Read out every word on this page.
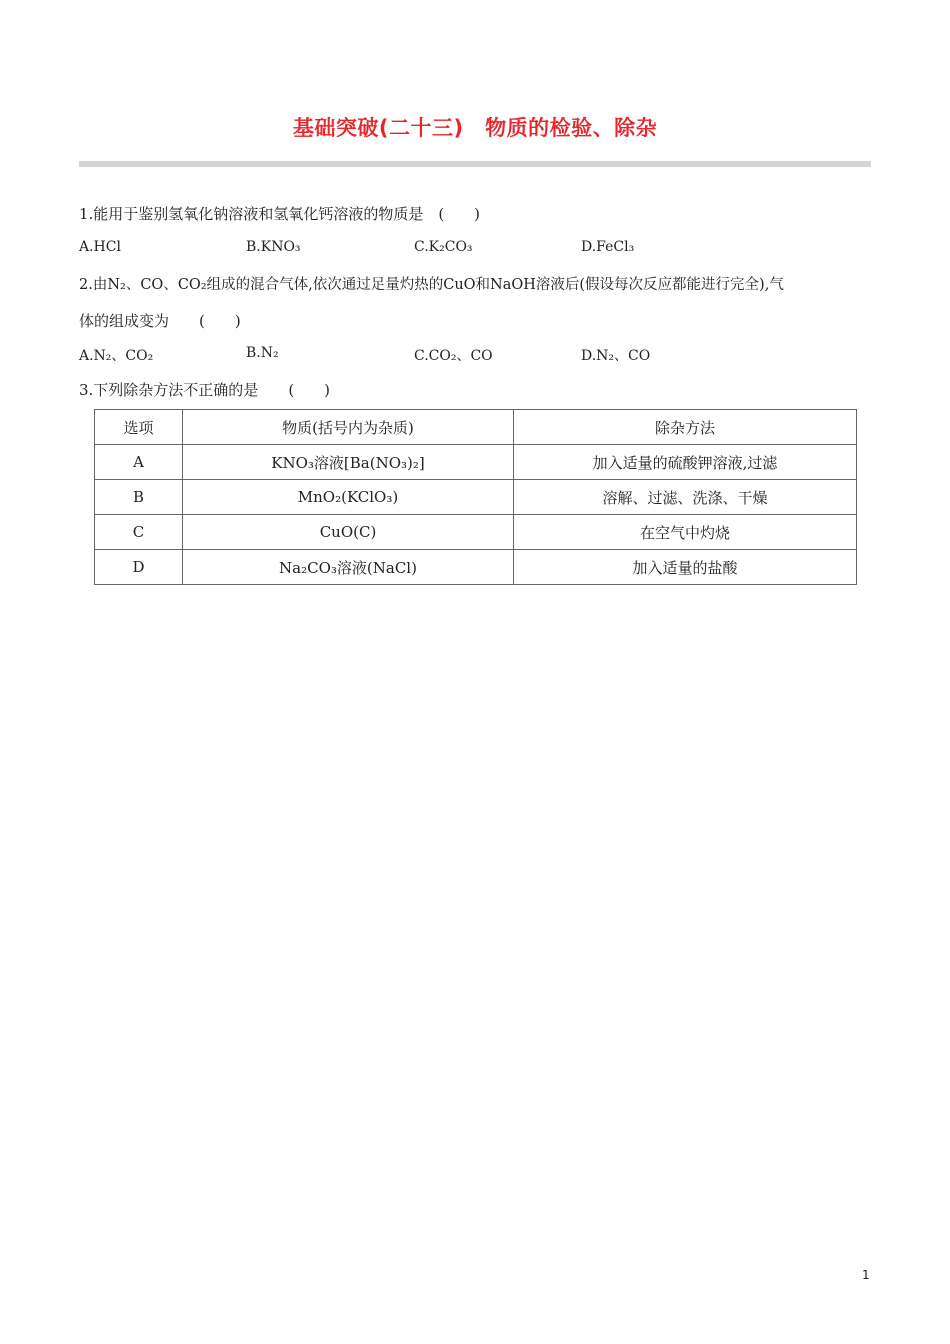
基础突破(二十三)　物质的检验、除杂
1.能用于鉴别氢氧化钠溶液和氢氧化钙溶液的物质是　(　　)
A.HCl	B.KNO₃	C.K₂CO₃	D.FeCl₃
2.由N₂、CO、CO₂组成的混合气体,依次通过足量灼热的CuO和NaOH溶液后(假设每次反应都能进行完全),气
体的组成变为　　(　　)
A.N₂、CO₂	B.N₂	C.CO₂、CO	D.N₂、CO
3.下列除杂方法不正确的是　　(　　)
选项	物质(括号内为杂质)	除杂方法
A	KNO₃溶液[Ba(NO₃)₂]	加入适量的硫酸钾溶液,过滤
B	MnO₂(KClO₃)	溶解、过滤、洗涤、干燥
C	CuO(C)	在空气中灼烧
D	Na₂CO₃溶液(NaCl)	加入适量的盐酸
1
